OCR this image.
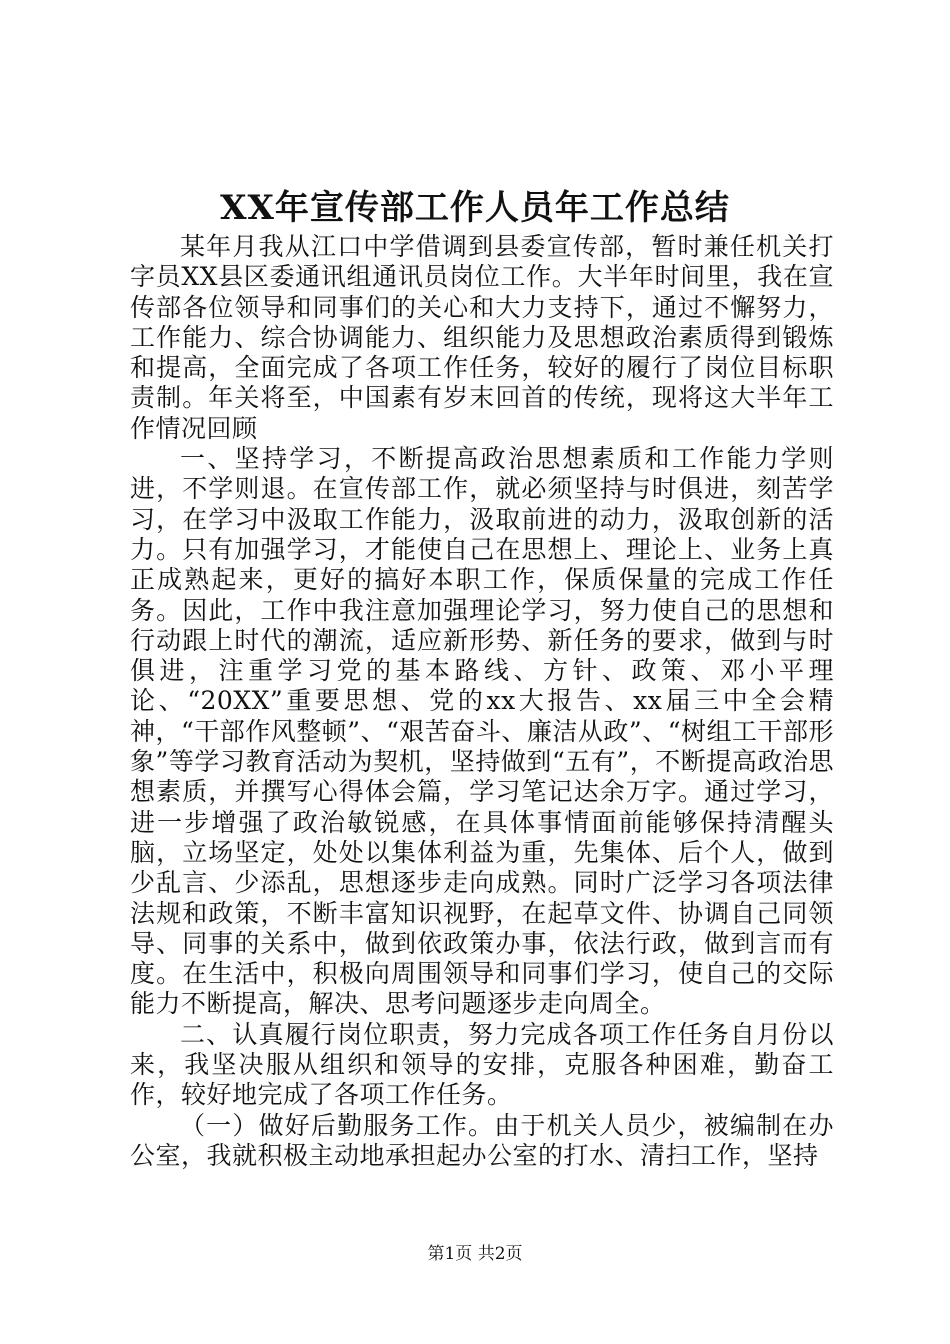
XX年宣传部工作人员年工作总结

某年月我从江口中学借调到县委宣传部，暂时兼任机关打字员XX县区委通讯组通讯员岗位工作。大半年时间里，我在宣传部各位领导和同事们的关心和大力支持下，通过不懈努力，工作能力、综合协调能力、组织能力及思想政治素质得到锻炼和提高，全面完成了各项工作任务，较好的履行了岗位目标职责制。年关将至，中国素有岁末回首的传统，现将这大半年工作情况回顾

一、坚持学习，不断提高政治思想素质和工作能力学则进，不学则退。在宣传部工作，就必须坚持与时俱进，刻苦学习，在学习中汲取工作能力，汲取前进的动力，汲取创新的活力。只有加强学习，才能使自己在思想上、理论上、业务上真正成熟起来，更好的搞好本职工作，保质保量的完成工作任务。因此，工作中我注意加强理论学习，努力使自己的思想和行动跟上时代的潮流，适应新形势、新任务的要求，做到与时俱进，注重学习党的基本路线、方针、政策、邓小平理论、“20XX”重要思想、党的xx大报告、xx届三中全会精神，“干部作风整顿”、“艰苦奋斗、廉洁从政”、“树组工干部形象”等学习教育活动为契机，坚持做到“五有”，不断提高政治思想素质，并撰写心得体会篇，学习笔记达余万字。通过学习，进一步增强了政治敏锐感，在具体事情面前能够保持清醒头脑，立场坚定，处处以集体利益为重，先集体、后个人，做到少乱言、少添乱，思想逐步走向成熟。同时广泛学习各项法律法规和政策，不断丰富知识视野，在起草文件、协调自己同领导、同事的关系中，做到依政策办事，依法行政，做到言而有度。在生活中，积极向周围领导和同事们学习，使自己的交际能力不断提高，解决、思考问题逐步走向周全。

二、认真履行岗位职责，努力完成各项工作任务自月份以来，我坚决服从组织和领导的安排，克服各种困难，勤奋工作，较好地完成了各项工作任务。

（一）做好后勤服务工作。由于机关人员少，被编制在办公室，我就积极主动地承担起办公室的打水、清扫工作，坚持

第1页 共2页
